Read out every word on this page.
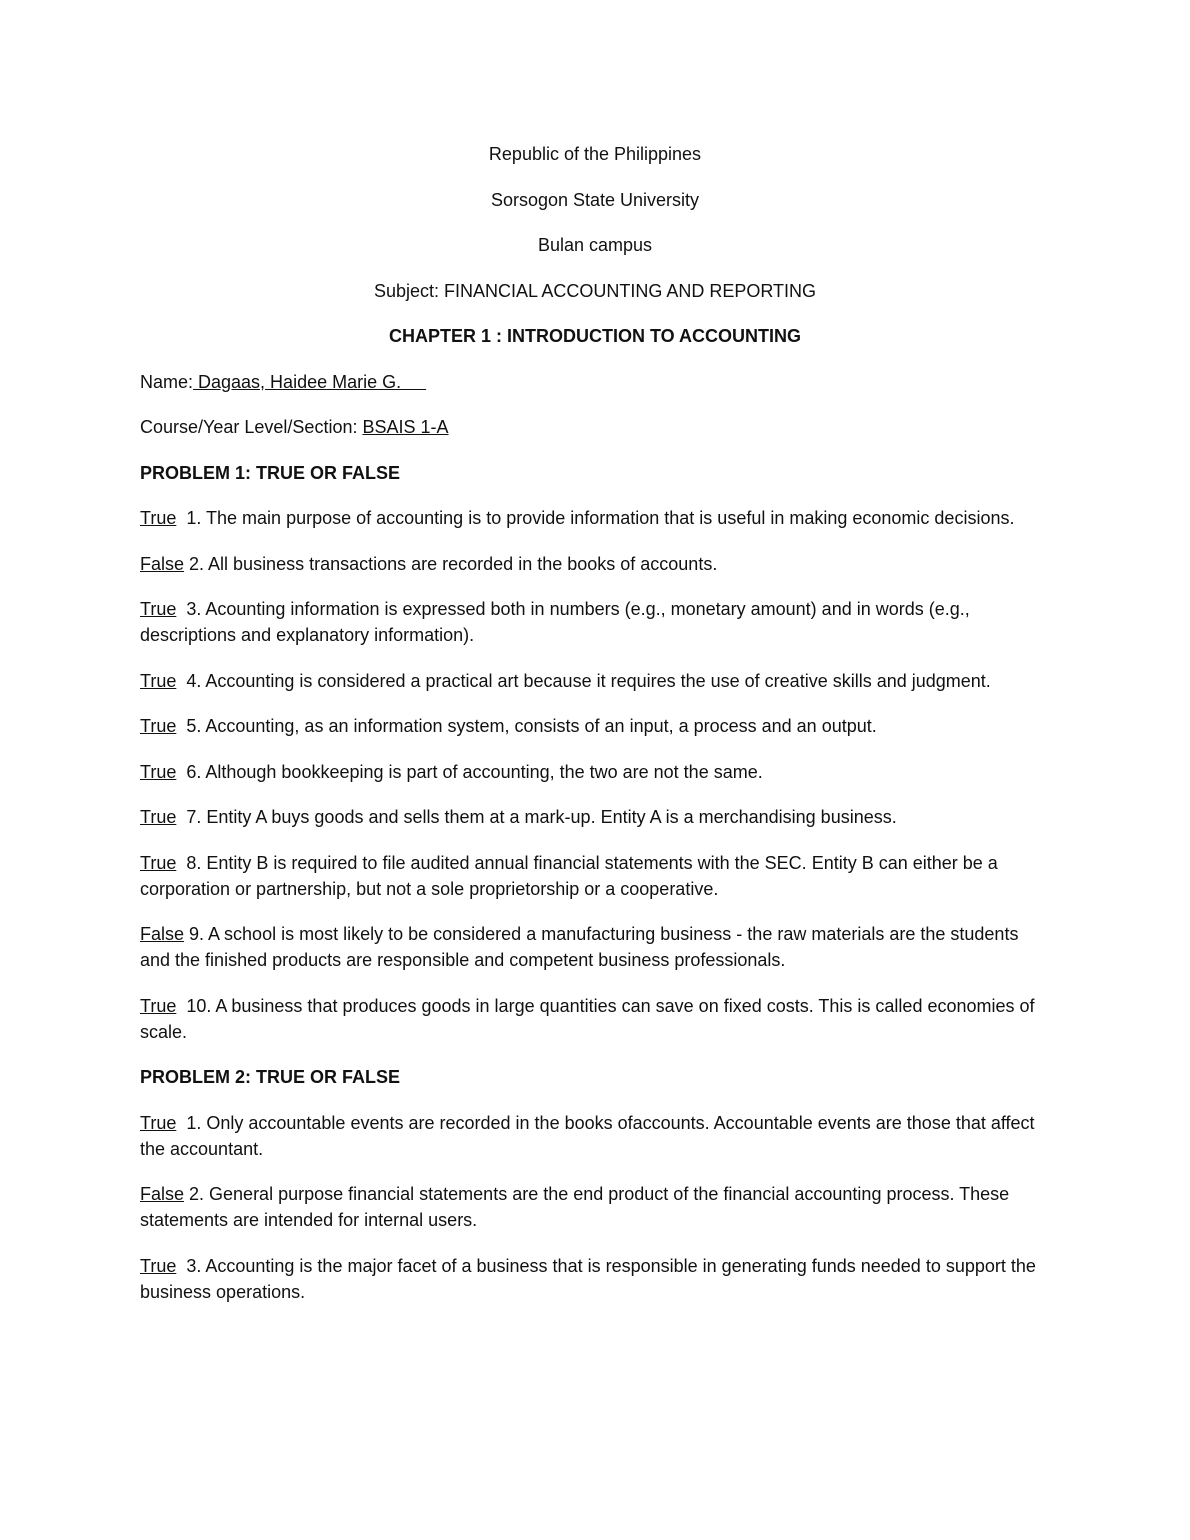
Republic of the Philippines
Sorsogon State University
Bulan campus
Subject: FINANCIAL ACCOUNTING AND REPORTING
CHAPTER 1 : INTRODUCTION TO ACCOUNTING
Name: Dagaas, Haidee Marie G.
Course/Year Level/Section: BSAIS 1-A
PROBLEM 1: TRUE OR FALSE
True  1. The main purpose of accounting is to provide information that is useful in making economic decisions.
False 2. All business transactions are recorded in the books of accounts.
True  3. Acounting information is expressed both in numbers (e.g., monetary amount) and in words (e.g., descriptions and explanatory information).
True  4. Accounting is considered a practical art because it requires the use of creative skills and judgment.
True  5. Accounting, as an information system, consists of an input, a process and an output.
True  6. Although bookkeeping is part of accounting, the two are not the same.
True  7. Entity A buys goods and sells them at a mark-up. Entity A is a merchandising business.
True  8. Entity B is required to file audited annual financial statements with the SEC. Entity B can either be a corporation or partnership, but not a sole proprietorship or a cooperative.
False 9. A school is most likely to be considered a manufacturing business - the raw materials are the students and the finished products are responsible and competent business professionals.
True  10. A business that produces goods in large quantities can save on fixed costs. This is called economies of scale.
PROBLEM 2: TRUE OR FALSE
True  1. Only accountable events are recorded in the books ofaccounts. Accountable events are those that affect the accountant.
False 2. General purpose financial statements are the end product of the financial accounting process. These statements are intended for internal users.
True  3. Accounting is the major facet of a business that is responsible in generating funds needed to support the business operations.
